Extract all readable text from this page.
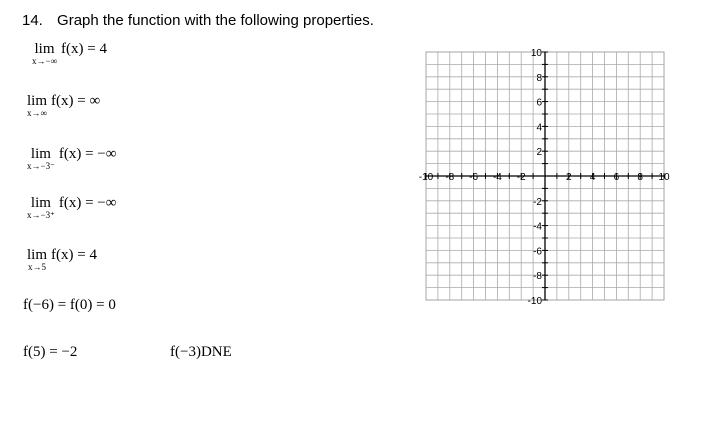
14. Graph the function with the following properties.
lim
x→−∞
f(x) = 4
lim
x→∞
f(x) = ∞
lim
x→−3⁻
f(x) = −∞
lim
x→−3⁺
f(x) = −∞
lim
x→5
f(x) = 4
f(−6) = f(0) = 0
f(5) = −2	f(−3)DNE
-10 -8 -6 -4 -2	2 4 6 8 10
10
8
6
4
2
-2
-4
-6
-8
-10
